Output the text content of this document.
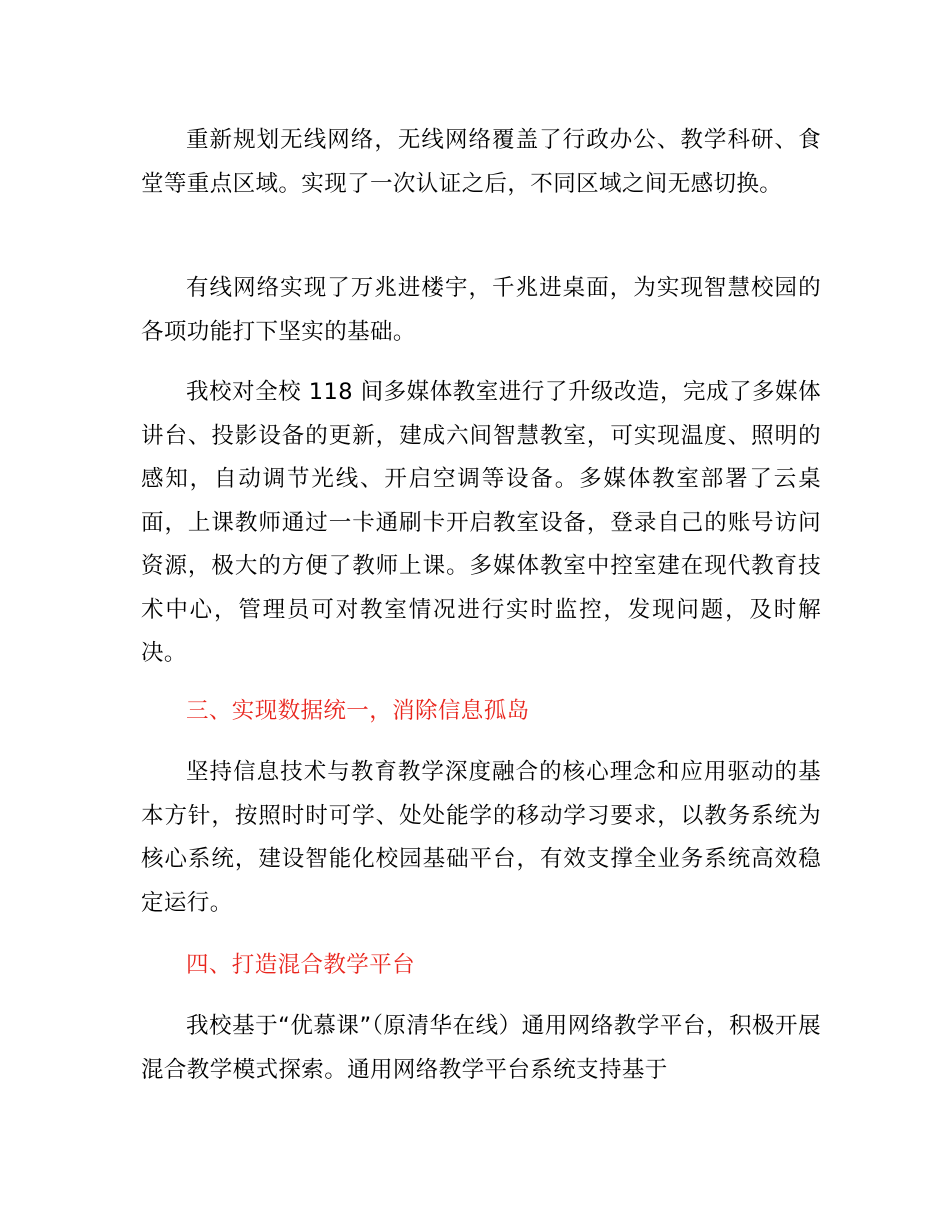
重新规划无线网络，无线网络覆盖了行政办公、教学科研、食堂等重点区域。实现了一次认证之后，不同区域之间无感切换。

有线网络实现了万兆进楼宇，千兆进桌面，为实现智慧校园的各项功能打下坚实的基础。

我校对全校 118 间多媒体教室进行了升级改造，完成了多媒体讲台、投影设备的更新，建成六间智慧教室，可实现温度、照明的感知，自动调节光线、开启空调等设备。多媒体教室部署了云桌面，上课教师通过一卡通刷卡开启教室设备，登录自己的账号访问资源，极大的方便了教师上课。多媒体教室中控室建在现代教育技术中心，管理员可对教室情况进行实时监控，发现问题，及时解决。

三、实现数据统一，消除信息孤岛

坚持信息技术与教育教学深度融合的核心理念和应用驱动的基本方针，按照时时可学、处处能学的移动学习要求，以教务系统为核心系统，建设智能化校园基础平台，有效支撑全业务系统高效稳定运行。

四、打造混合教学平台

我校基于“优慕课”（原清华在线）通用网络教学平台，积极开展混合教学模式探索。通用网络教学平台系统支持基于
